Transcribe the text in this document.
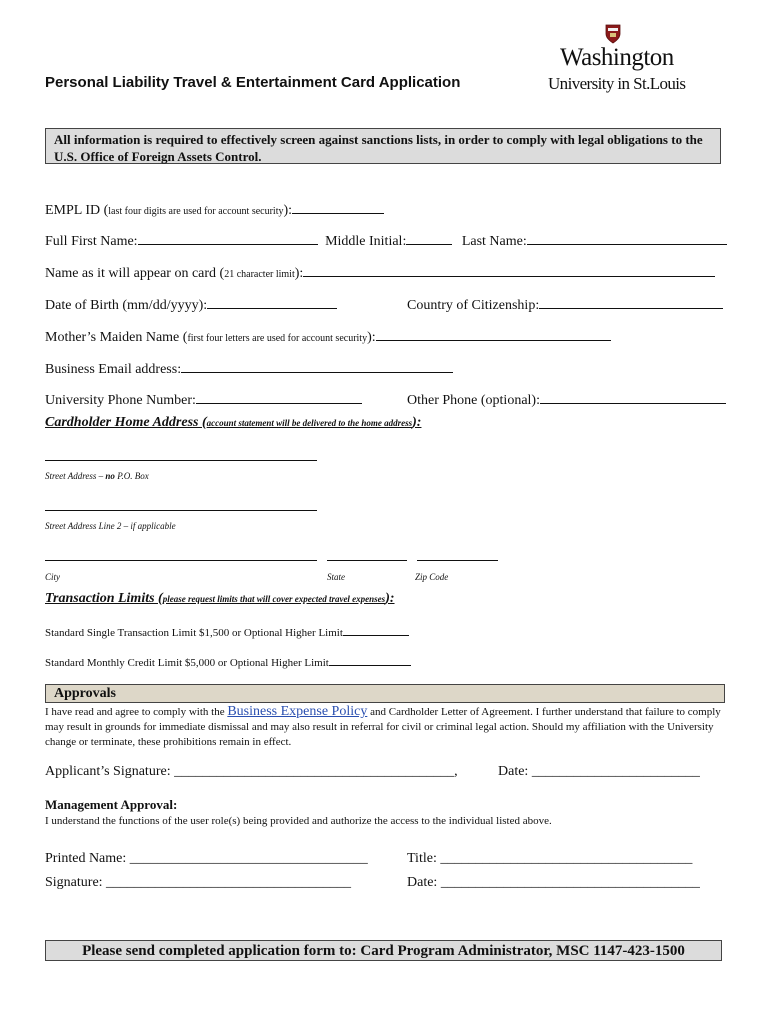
Personal Liability Travel & Entertainment Card Application
Washington
University in St.Louis
All information is required to effectively screen against sanctions lists, in order to comply with legal obligations to the U.S. Office of Foreign Assets Control.
EMPL ID (last four digits are used for account security):
Full First Name:	Middle Initial:	Last Name:
Name as it will appear on card (21 character limit):
Date of Birth (mm/dd/yyyy):	Country of Citizenship:
Mother’s Maiden Name (first four letters are used for account security):
Business Email address:
University Phone Number:	Other Phone (optional):
Cardholder Home Address (account statement will be delivered to the home address):
Street Address – no P.O. Box
Street Address Line 2 – if applicable
City	State	Zip Code
Transaction Limits (please request limits that will cover expected travel expenses):
Standard Single Transaction Limit $1,500 or Optional Higher Limit
Standard Monthly Credit Limit $5,000 or Optional Higher Limit
Approvals
I have read and agree to comply with the Business Expense Policy and Cardholder Letter of Agreement. I further understand that failure to comply may result in grounds for immediate dismissal and may also result in referral for civil or criminal legal action. Should my affiliation with the University change or terminate, these prohibitions remain in effect.
Applicant’s Signature: ________________________________________,	Date: ________________________
Management Approval:
I understand the functions of the user role(s) being provided and authorize the access to the individual listed above.
Printed Name: __________________________________	Title: ____________________________________
Signature: ___________________________________	Date: _____________________________________
Please send completed application form to: Card Program Administrator, MSC 1147-423-1500
